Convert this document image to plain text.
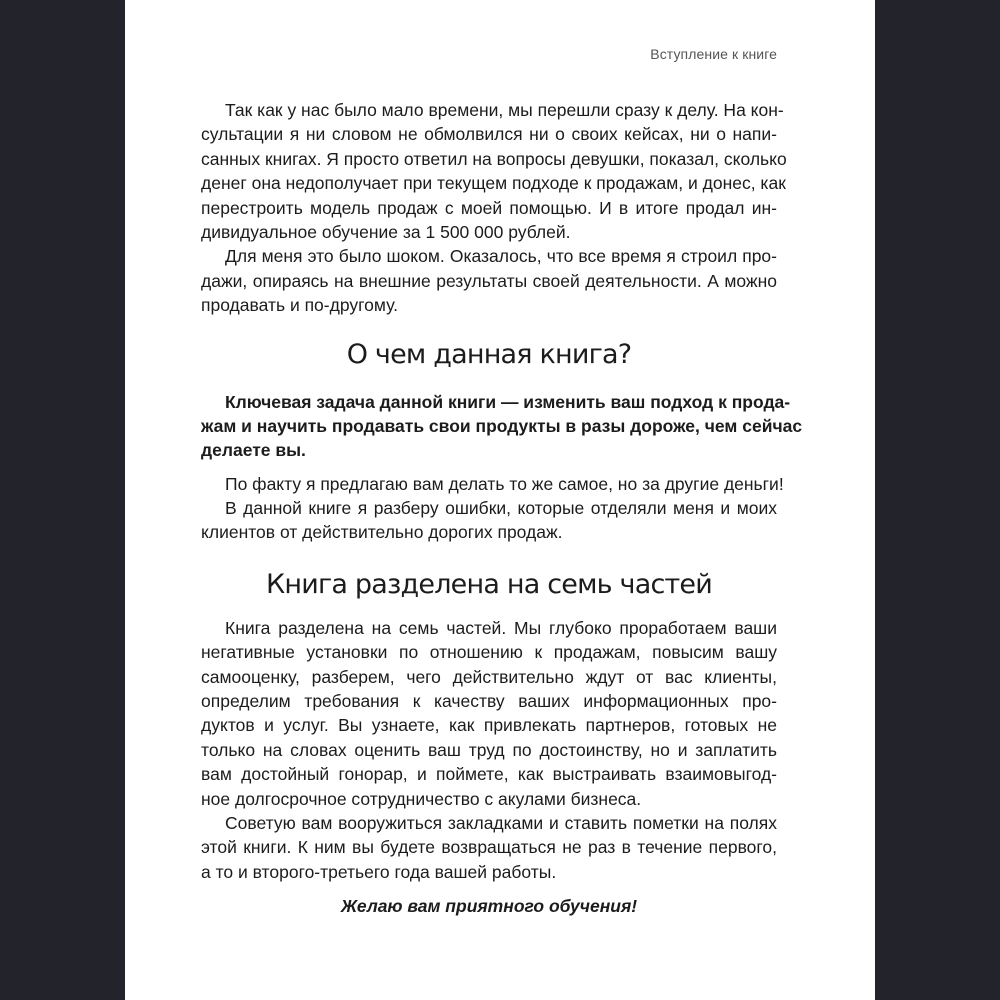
Вступление к книге
Так как у нас было мало времени, мы перешли сразу к делу. На кон-
сультации я ни словом не обмолвился ни о своих кейсах, ни о напи-
санных книгах. Я просто ответил на вопросы девушки, показал, сколько
денег она недополучает при текущем подходе к продажам, и донес, как
перестроить модель продаж с моей помощью. И в итоге продал ин-
дивидуальное обучение за 1 500 000 рублей.
Для меня это было шоком. Оказалось, что все время я строил прo-
дажи, опираясь на внешние результаты своей деятельности. А можно
продавать и по-другому.
О чем данная книга?
Ключевая задача данной книги — изменить ваш подход к прода-
жам и научить продавать свои продукты в разы дороже, чем сейчас
делаете вы.
По факту я предлагаю вам делать то же самое, но за другие деньги!
В данной книге я разберу ошибки, которые отделяли меня и моих
клиентов от действительно дорогих продаж.
Книга разделена на семь частей
Книга разделена на семь частей. Мы глубоко проработаем ваши
негативные установки по отношению к продажам, повысим вашу
самооценку, разберем, чего действительно ждут от вас клиенты,
определим требования к качеству ваших информационных про-
дуктов и услуг. Вы узнаете, как привлекать партнеров, готовых не
только на словах оценить ваш труд по достоинству, но и заплатить
вам достойный гонорар, и поймете, как выстраивать взаимовыгод-
ное долгосрочное сотрудничество с акулами бизнеса.
Советую вам вооружиться закладками и ставить пометки на полях
этой книги. К ним вы будете возвращаться не раз в течение первого,
а то и второго-третьего года вашей работы.
Желаю вам приятного обучения!
